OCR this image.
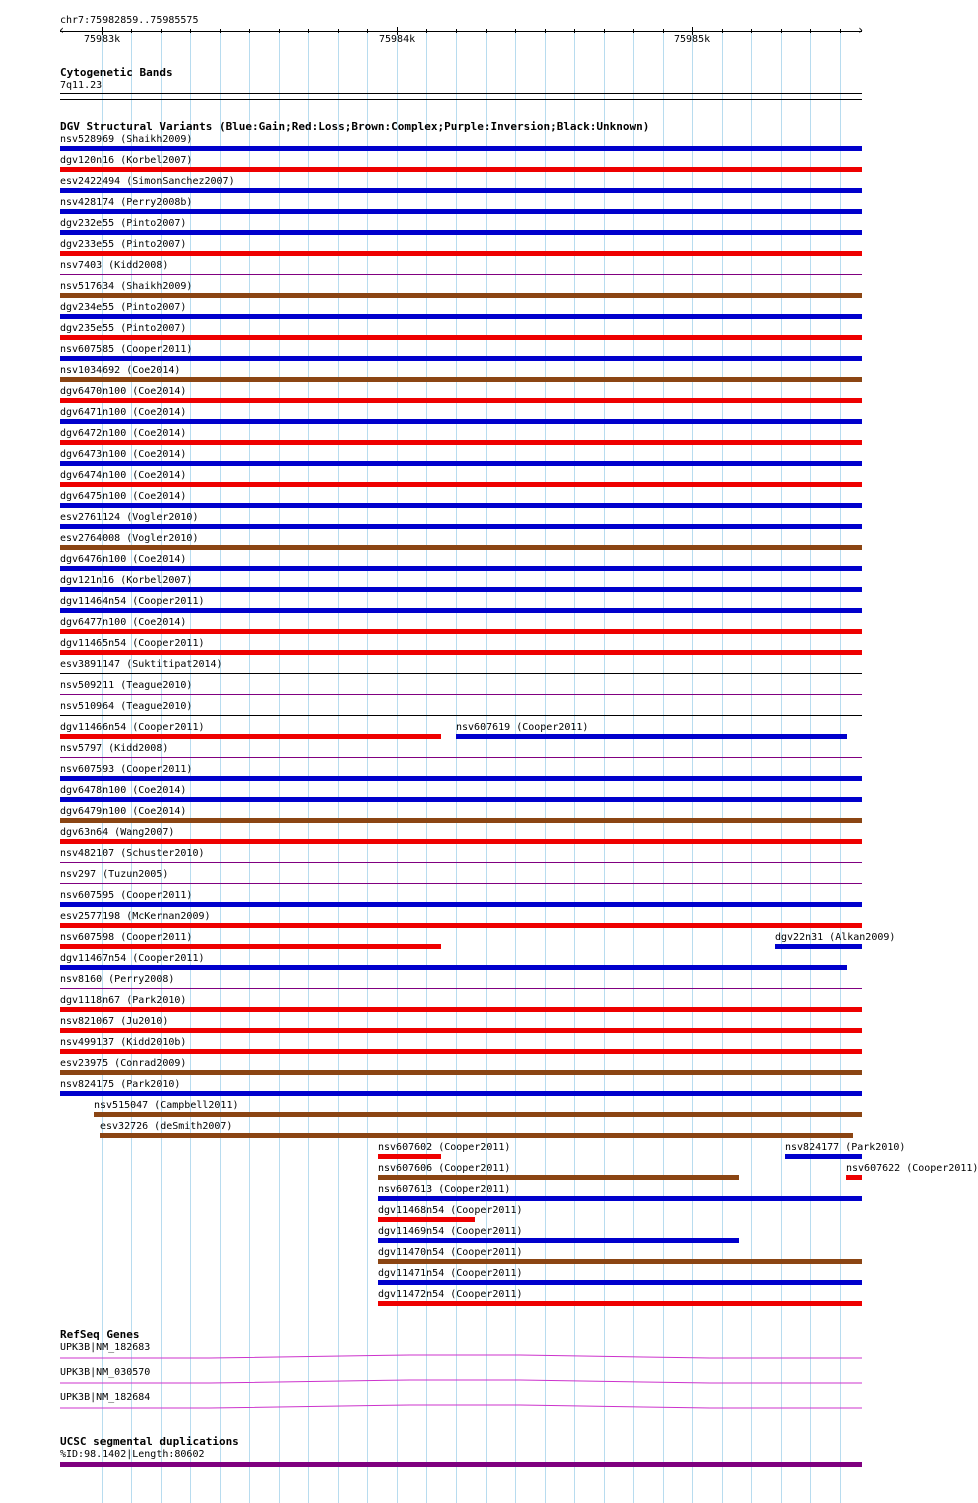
chr7:75982859..75985575
‹	›
75983k	75984k	75985k
Cytogenetic Bands
7q11.23
DGV Structural Variants (Blue:Gain;Red:Loss;Brown:Complex;Purple:Inversion;Black:Unknown)
nsv528969 (Shaikh2009)
dgv120n16 (Korbel2007)
esv2422494 (SimonSanchez2007)
nsv428174 (Perry2008b)
dgv232e55 (Pinto2007)
dgv233e55 (Pinto2007)
nsv7403 (Kidd2008)
nsv517634 (Shaikh2009)
dgv234e55 (Pinto2007)
dgv235e55 (Pinto2007)
nsv607585 (Cooper2011)
nsv1034692 (Coe2014)
dgv6470n100 (Coe2014)
dgv6471n100 (Coe2014)
dgv6472n100 (Coe2014)
dgv6473n100 (Coe2014)
dgv6474n100 (Coe2014)
dgv6475n100 (Coe2014)
esv2761124 (Vogler2010)
esv2764008 (Vogler2010)
dgv6476n100 (Coe2014)
dgv121n16 (Korbel2007)
dgv11464n54 (Cooper2011)
dgv6477n100 (Coe2014)
dgv11465n54 (Cooper2011)
esv3891147 (Suktitipat2014)
nsv509211 (Teague2010)
nsv510964 (Teague2010)
dgv11466n54 (Cooper2011)	nsv607619 (Cooper2011)
nsv5797 (Kidd2008)
nsv607593 (Cooper2011)
dgv6478n100 (Coe2014)
dgv6479n100 (Coe2014)
dgv63n64 (Wang2007)
nsv482107 (Schuster2010)
nsv297 (Tuzun2005)
nsv607595 (Cooper2011)
esv2577198 (McKernan2009)
nsv607598 (Cooper2011)	dgv22n31 (Alkan2009)
dgv11467n54 (Cooper2011)
nsv8160 (Perry2008)
dgv1118n67 (Park2010)
nsv821067 (Ju2010)
nsv499137 (Kidd2010b)
esv23975 (Conrad2009)
nsv824175 (Park2010)
nsv515047 (Campbell2011)
esv32726 (deSmith2007)
nsv607602 (Cooper2011)	nsv824177 (Park2010)
nsv607606 (Cooper2011)	nsv607622 (Cooper2011)
nsv607613 (Cooper2011)
dgv11468n54 (Cooper2011)
dgv11469n54 (Cooper2011)
dgv11470n54 (Cooper2011)
dgv11471n54 (Cooper2011)
dgv11472n54 (Cooper2011)
RefSeq Genes
UPK3B|NM_182683
UPK3B|NM_030570
UPK3B|NM_182684
UCSC segmental duplications
%ID:98.1402|Length:80602
